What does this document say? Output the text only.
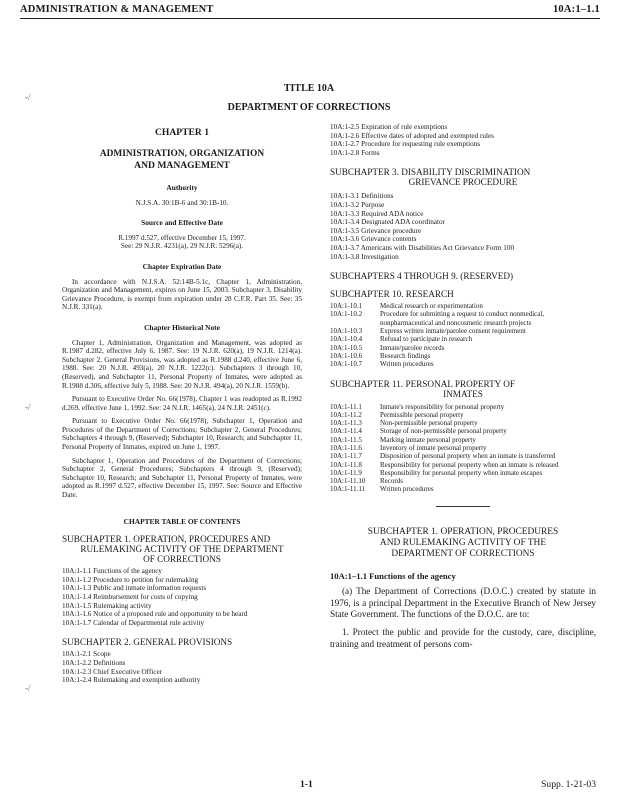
ADMINISTRATION & MANAGEMENT	10A:1–1.1
‐/
‐/
‐/
TITLE 10A
DEPARTMENT OF CORRECTIONS

CHAPTER 1

ADMINISTRATION, ORGANIZATION

AND MANAGEMENT

Authority

N.J.S.A. 30:1B-6 and 30:1B-10.

Source and Effective Date

R.1997 d.527, effective December 15, 1997.

See: 29 N.J.R. 4231(a), 29 N.J.R. 5296(a).

Chapter Expiration Date

In accordance with N.J.S.A. 52:14B-5.1c, Chapter 1, Administration, Organization and Management, expires on June 15, 2003. Subchapter 3, Disability Grievance Procedure, is exempt from expiration under 28 C.F.R. Part 35. See: 35 N.J.R. 331(a).

Chapter Historical Note

Chapter 1, Administration, Organization and Management, was adopted as R.1987 d.282, effective July 6, 1987. See: 19 N.J.R. 620(a), 19 N.J.R. 1214(a). Subchapter 2, General Provisions, was adopted as R.1988 d.240, effective June 6, 1988. See: 20 N.J.R. 493(a), 20 N.J.R. 1222(c). Subchapters 3 through 10, (Reserved), and Subchapter 11, Personal Property of Inmates, were adopted as R.1988 d.306, effective July 5, 1988. See: 20 N.J.R. 494(a), 20 N.J.R. 1559(b).

Pursuant to Executive Order No. 66(1978), Chapter 1 was readopted as R.1992 d.269, effective June 1, 1992. See: 24 N.J.R. 1465(a), 24 N.J.R. 2451(c).

Pursuant to Executive Order No. 66(1978), Subchapter 1, Operation and Procedures of the Department of Corrections; Subchapter 2, General Procedures; Subchapters 4 through 9, (Reserved); Subchapter 10, Research; and Subchapter 11, Personal Property of Inmates, expired on June 1, 1997.

Subchapter 1, Operation and Procedures of the Department of Corrections; Subchapter 2, General Procedures; Subchapters 4 through 9, (Reserved); Subchapter 10, Research; and Subchapter 11, Personal Property of Inmates, were adopted as R.1997 d.527, effective December 15, 1997. See: Source and Effective Date.

CHAPTER TABLE OF CONTENTS
SUBCHAPTER 1. OPERATION, PROCEDURES AND
RULEMAKING ACTIVITY OF THE DEPARTMENT
OF CORRECTIONS
10A:1-1.1 Functions of the agency
10A:1-1.2 Procedure to petition for rulemaking
10A:1-1.3 Public and inmate information requests
10A:1-1.4 Reimbursement for costs of copying
10A:1-1.5 Rulemaking activity
10A:1-1.6 Notice of a proposed rule and opportunity to be heard
10A:1-1.7 Calendar of Departmental rule activity
SUBCHAPTER 2. GENERAL PROVISIONS
10A:1-2.1 Scope
10A:1-2.2 Definitions
10A:1-2.3 Chief Executive Officer
10A:1-2.4 Rulemaking and exemption authority
10A:1-2.5 Expiration of rule exemptions
10A:1-2.6 Effective dates of adopted and exempted rules
10A:1-2.7 Procedure for requesting rule exemptions
10A:1-2.8 Forms
SUBCHAPTER 3. DISABILITY DISCRIMINATION
GRIEVANCE PROCEDURE
10A:1-3.1 Definitions
10A:1-3.2 Purpose
10A:1-3.3 Required ADA notice
10A:1-3.4 Designated ADA coordinator
10A:1-3.5 Grievance procedure
10A:1-3.6 Grievance contents
10A:1-3.7 Americans with Disabilities Act Grievance Form 100
10A:1-3.8 Investigation
SUBCHAPTERS 4 THROUGH 9. (RESERVED)
SUBCHAPTER 10. RESEARCH
10A:1-10.1	Medical research or experimentation
10A:1-10.2	Procedure for submitting a request to conduct nonmedical, nonpharmaceutical and noncosmetic research projects
10A:1-10.3	Express written inmate/parolee consent requirement
10A:1-10.4	Refusal to participate in research
10A:1-10.5	Inmate/parolee records
10A:1-10.6	Research findings
10A:1-10.7	Written procedures
SUBCHAPTER 11. PERSONAL PROPERTY OF
INMATES
10A:1-11.1	Inmate's responsibility for personal property
10A:1-11.2	Permissible personal property
10A:1-11.3	Non-permissible personal property
10A:1-11.4	Storage of non-permissible personal property
10A:1-11.5	Marking inmate personal property
10A:1-11.6	Inventory of inmate personal property
10A:1-11.7	Disposition of personal property when an inmate is transferred
10A:1-11.8	Responsibility for personal property when an inmate is released
10A:1-11.9	Responsibility for personal property when inmate escapes
10A:1-11.10 Records
10A:1-11.11 Written procedures
SUBCHAPTER 1. OPERATION, PROCEDURES
AND RULEMAKING ACTIVITY OF THE
DEPARTMENT OF CORRECTIONS
10A:1–1.1 Functions of the agency

(a) The Department of Corrections (D.O.C.) created by statute in 1976, is a principal Department in the Executive Branch of New Jersey State Government. The functions of the D.O.C. are to:

1. Protect the public and provide for the custody, care, discipline, training and treatment of persons com-

1-1	Supp. 1-21-03
